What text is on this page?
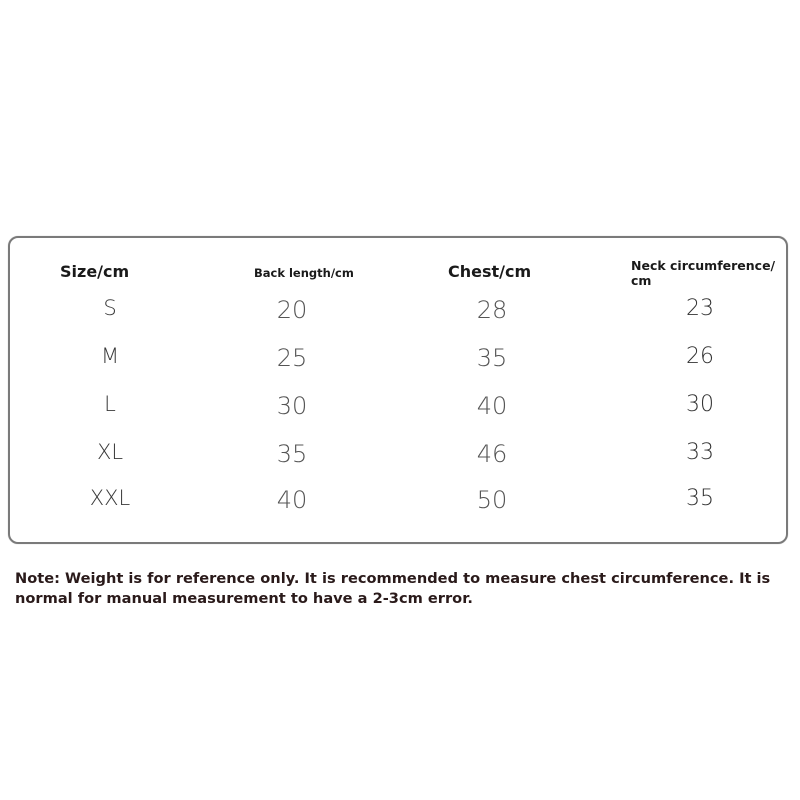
Size/cm	Back length/cm	Chest/cm	Neck circumference/ cm
S	20	28	23
M	25	35	26
L	30	40	30
XL	35	46	33
XXL	40	50	35
Note: Weight is for reference only. It is recommended to measure chest circumference. It is normal for manual measurement to have a 2-3cm error.
